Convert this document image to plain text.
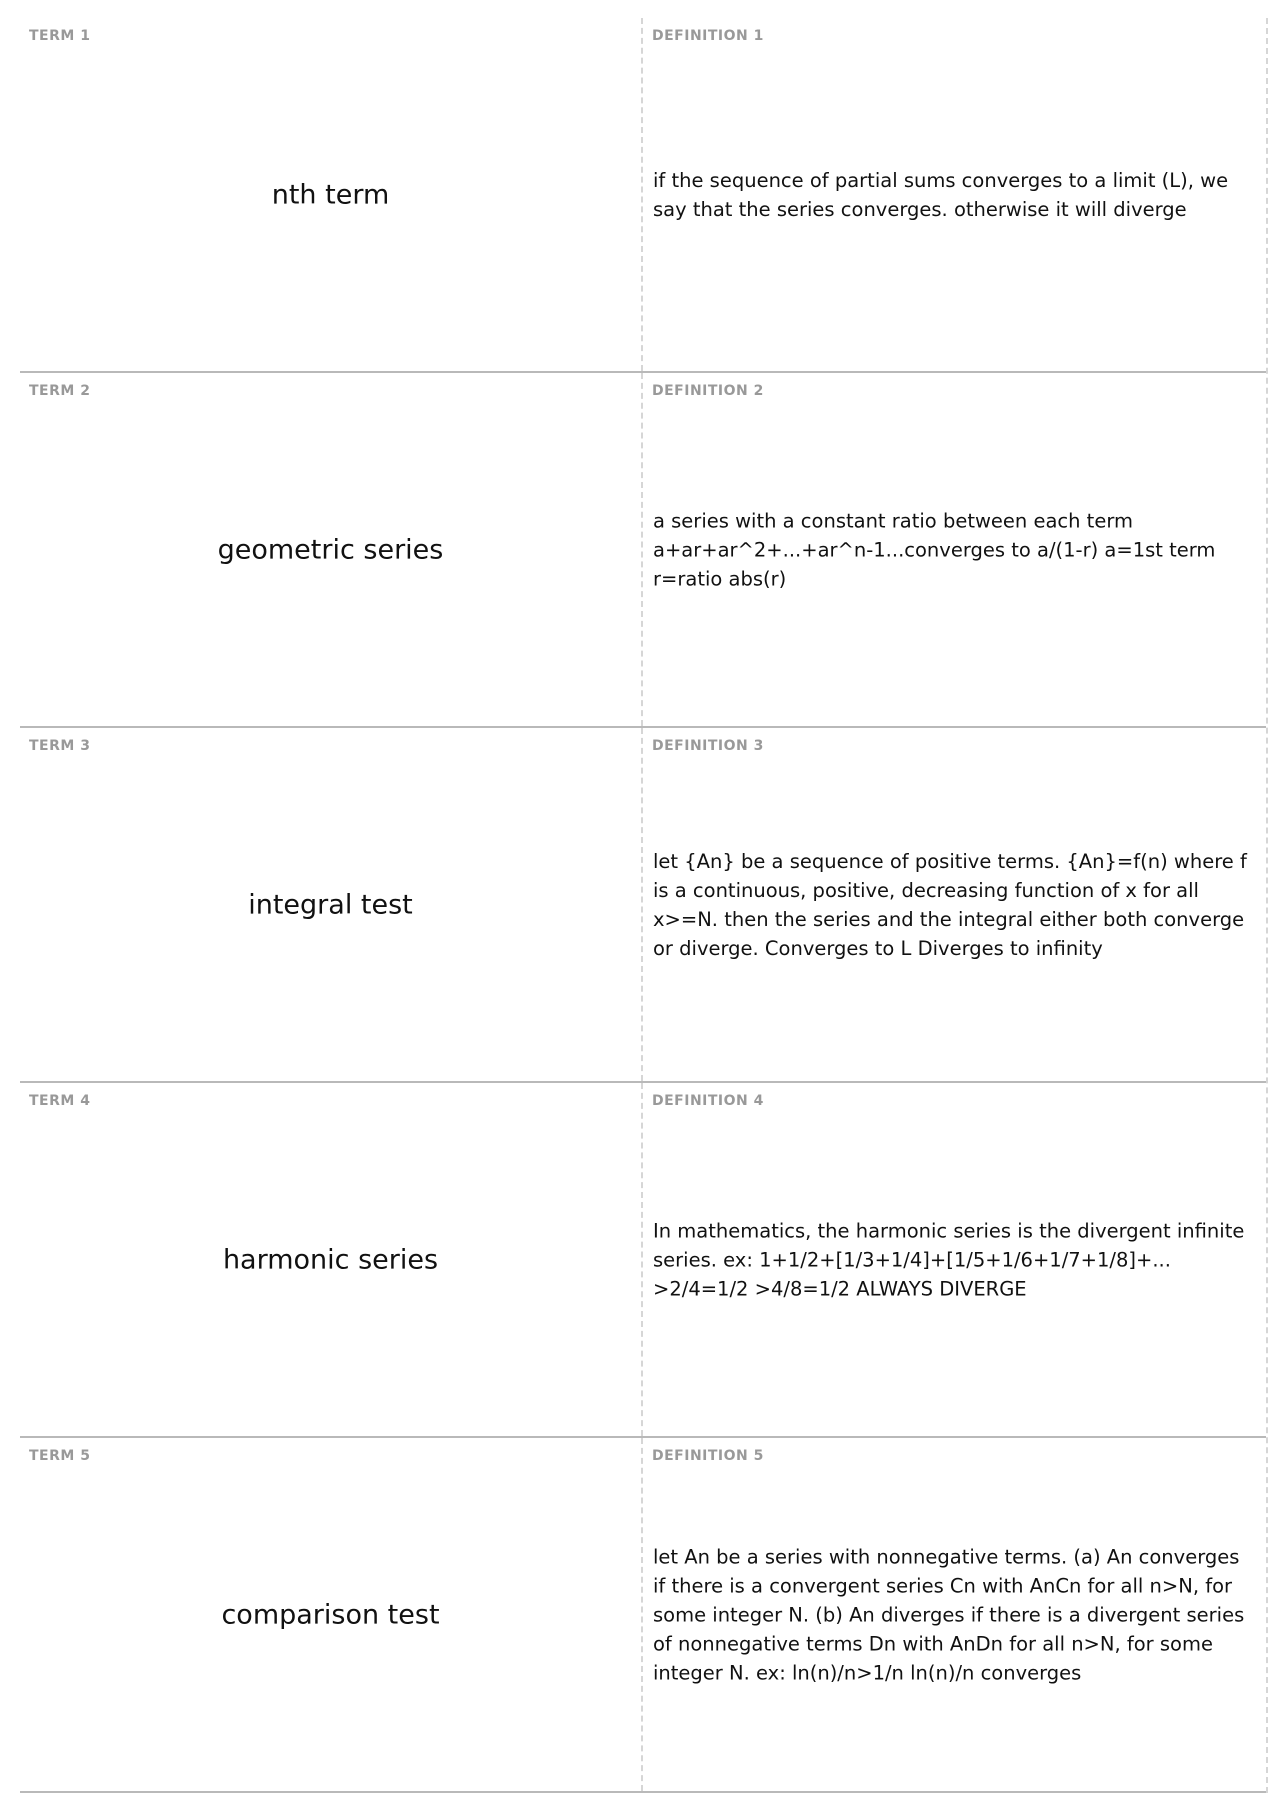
TERM 1
nth term
DEFINITION 1
if the sequence of partial sums converges to a limit (L), we say that the series converges. otherwise it will diverge
TERM 2
geometric series
DEFINITION 2
a series with a constant ratio between each term a+ar+ar^2+...+ar^n-1...converges to a/(1-r) a=1st term r=ratio abs(r)
TERM 3
integral test
DEFINITION 3
let {An} be a sequence of positive terms. {An}=f(n) where f is a continuous, positive, decreasing function of x for all x>=N. then the series and the integral either both converge or diverge. Converges to L Diverges to infinity
TERM 4
harmonic series
DEFINITION 4
In mathematics, the harmonic series is the divergent infinite series. ex: 1+1/2+[1/3+1/4]+[1/5+1/6+1/7+1/8]+... >2/4=1/2 >4/8=1/2 ALWAYS DIVERGE
TERM 5
comparison test
DEFINITION 5
let An be a series with nonnegative terms. (a) An converges if there is a convergent series Cn with AnCn for all n>N, for some integer N. (b) An diverges if there is a divergent series of nonnegative terms Dn with AnDn for all n>N, for some integer N. ex: ln(n)/n>1/n ln(n)/n converges
